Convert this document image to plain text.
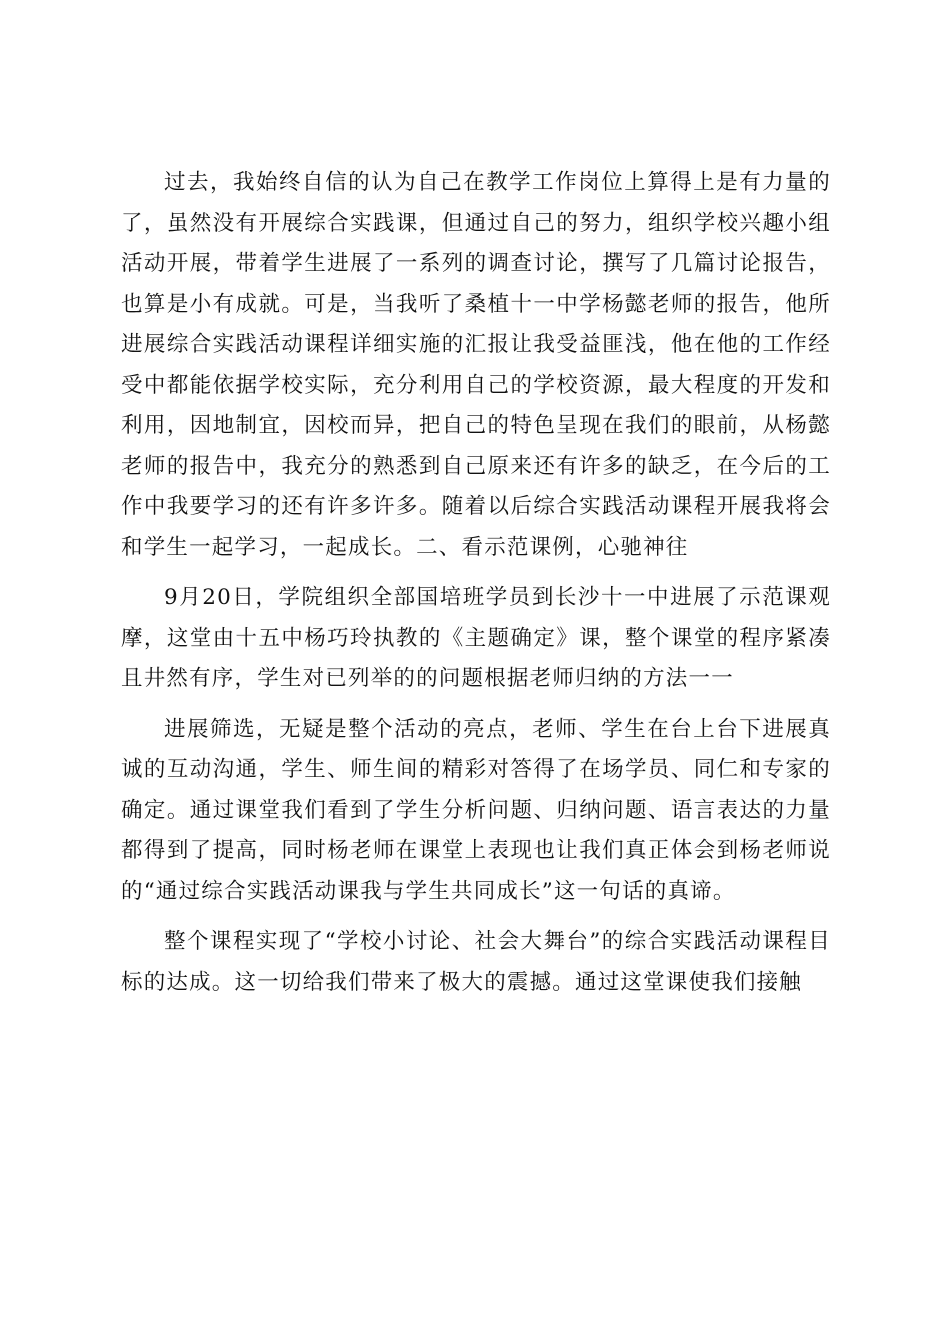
过去，我始终自信的认为自己在教学工作岗位上算得上是有力量的了，虽然没有开展综合实践课，但通过自己的努力，组织学校兴趣小组活动开展，带着学生进展了一系列的调查讨论，撰写了几篇讨论报告，也算是小有成就。可是，当我听了桑植十一中学杨懿老师的报告，他所进展综合实践活动课程详细实施的汇报让我受益匪浅，他在他的工作经受中都能依据学校实际，充分利用自己的学校资源，最大程度的开发和利用，因地制宜，因校而异，把自己的特色呈现在我们的眼前，从杨懿老师的报告中，我充分的熟悉到自己原来还有许多的缺乏，在今后的工作中我要学习的还有许多许多。随着以后综合实践活动课程开展我将会和学生一起学习，一起成长。二、看示范课例，心驰神往

9月20日，学院组织全部国培班学员到长沙十一中进展了示范课观摩，这堂由十五中杨巧玲执教的《主题确定》课，整个课堂的程序紧凑且井然有序，学生对已列举的的问题根据老师归纳的方法一一

进展筛选，无疑是整个活动的亮点，老师、学生在台上台下进展真诚的互动沟通，学生、师生间的精彩对答得了在场学员、同仁和专家的确定。通过课堂我们看到了学生分析问题、归纳问题、语言表达的力量都得到了提高，同时杨老师在课堂上表现也让我们真正体会到杨老师说的“通过综合实践活动课我与学生共同成长”这一句话的真谛。

整个课程实现了“学校小讨论、社会大舞台”的综合实践活动课程目标的达成。这一切给我们带来了极大的震撼。通过这堂课使我们接触
